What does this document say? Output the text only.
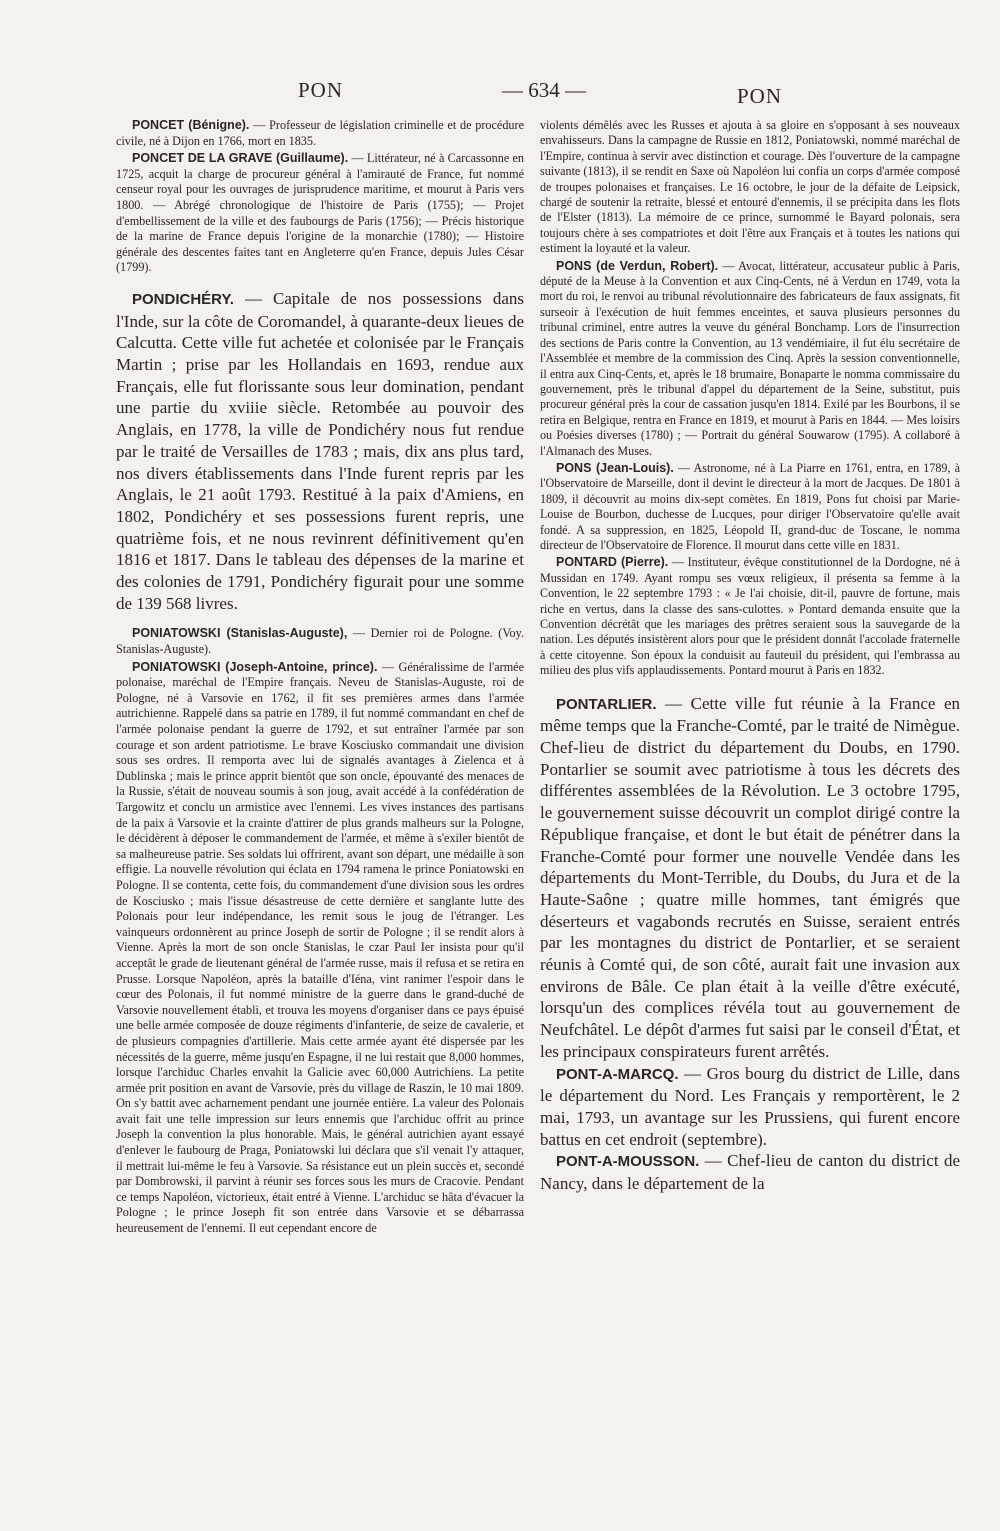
PON	— 634 —	PON

PONCET (Bénigne). — Professeur de législation criminelle et de procédure civile, né à Dijon en 1766, mort en 1835.

PONCET DE LA GRAVE (Guillaume). — Littérateur, né à Carcassonne en 1725, acquit la charge de procureur général à l'amirauté de France, fut nommé censeur royal pour les ouvrages de jurisprudence maritime, et mourut à Paris vers 1800. — Abrégé chronologique de l'histoire de Paris (1755); — Projet d'embellissement de la ville et des faubourgs de Paris (1756); — Précis historique de la marine de France depuis l'origine de la monarchie (1780); — Histoire générale des descentes faites tant en Angleterre qu'en France, depuis Jules César (1799).

PONDICHÉRY. — Capitale de nos possessions dans l'Inde, sur la côte de Coromandel, à quarante-deux lieues de Calcutta. Cette ville fut achetée et colonisée par le Français Martin ; prise par les Hollandais en 1693, rendue aux Français, elle fut florissante sous leur domination, pendant une partie du xviiie siècle. Retombée au pouvoir des Anglais, en 1778, la ville de Pondichéry nous fut rendue par le traité de Versailles de 1783 ; mais, dix ans plus tard, nos divers établissements dans l'Inde furent repris par les Anglais, le 21 août 1793. Restitué à la paix d'Amiens, en 1802, Pondichéry et ses possessions furent repris, une quatrième fois, et ne nous revinrent définitivement qu'en 1816 et 1817. Dans le tableau des dépenses de la marine et des colonies de 1791, Pondichéry figurait pour une somme de 139 568 livres.

PONIATOWSKI (Stanislas-Auguste), — Dernier roi de Pologne. (Voy. Stanislas-Auguste).

PONIATOWSKI (Joseph-Antoine, prince). — Généralissime de l'armée polonaise, maréchal de l'Empire français. Neveu de Stanislas-Auguste, roi de Pologne, né à Varsovie en 1762, il fit ses premières armes dans l'armée autrichienne. Rappelé dans sa patrie en 1789, il fut nommé commandant en chef de l'armée polonaise pendant la guerre de 1792, et sut entraîner l'armée par son courage et son ardent patriotisme. Le brave Kosciusko commandait une division sous ses ordres. Il remporta avec lui de signalés avantages à Zielenca et à Dublinska ; mais le prince apprit bientôt que son oncle, épouvanté des menaces de la Russie, s'était de nouveau soumis à son joug, avait accédé à la confédération de Targowitz et conclu un armistice avec l'ennemi. Les vives instances des partisans de la paix à Varsovie et la crainte d'attirer de plus grands malheurs sur la Pologne, le décidèrent à déposer le commandement de l'armée, et même à s'exiler bientôt de sa malheureuse patrie. Ses soldats lui offrirent, avant son départ, une médaille à son effigie. La nouvelle révolution qui éclata en 1794 ramena le prince Poniatowski en Pologne. Il se contenta, cette fois, du commandement d'une division sous les ordres de Kosciusko ; mais l'issue désastreuse de cette dernière et sanglante lutte des Polonais pour leur indépendance, les remit sous le joug de l'étranger. Les vainqueurs ordonnèrent au prince Joseph de sortir de Pologne ; il se rendit alors à Vienne. Après la mort de son oncle Stanislas, le czar Paul Ier insista pour qu'il acceptât le grade de lieutenant général de l'armée russe, mais il refusa et se retira en Prusse. Lorsque Napoléon, après la bataille d'Iéna, vint ranimer l'espoir dans le cœur des Polonais, il fut nommé ministre de la guerre dans le grand-duché de Varsovie nouvellement établi, et trouva les moyens d'organiser dans ce pays épuisé une belle armée composée de douze régiments d'infanterie, de seize de cavalerie, et de plusieurs compagnies d'artillerie. Mais cette armée ayant été dispersée par les nécessités de la guerre, même jusqu'en Espagne, il ne lui restait que 8,000 hommes, lorsque l'archiduc Charles envahit la Galicie avec 60,000 Autrichiens. La petite armée prit position en avant de Varsovie, près du village de Raszin, le 10 mai 1809. On s'y battit avec acharnement pendant une journée entière. La valeur des Polonais avait fait une telle impression sur leurs ennemis que l'archiduc offrit au prince Joseph la convention la plus honorable. Mais, le général autrichien ayant essayé d'enlever le faubourg de Praga, Poniatowski lui déclara que s'il venait l'y attaquer, il mettrait lui-même le feu à Varsovie. Sa résistance eut un plein succès et, secondé par Dombrowski, il parvint à réunir ses forces sous les murs de Cracovie. Pendant ce temps Napoléon, victorieux, était entré à Vienne. L'archiduc se hâta d'évacuer la Pologne ; le prince Joseph fit son entrée dans Varsovie et se débarrassa heureusement de l'ennemi. Il eut cependant encore de

violents démêlés avec les Russes et ajouta à sa gloire en s'opposant à ses nouveaux envahisseurs. Dans la campagne de Russie en 1812, Poniatowski, nommé maréchal de l'Empire, continua à servir avec distinction et courage. Dès l'ouverture de la campagne suivante (1813), il se rendit en Saxe où Napoléon lui confia un corps d'armée composé de troupes polonaises et françaises. Le 16 octobre, le jour de la défaite de Leipsick, chargé de soutenir la retraite, blessé et entouré d'ennemis, il se précipita dans les flots de l'Elster (1813). La mémoire de ce prince, surnommé le Bayard polonais, sera toujours chère à ses compatriotes et doit l'être aux Français et à toutes les nations qui estiment la loyauté et la valeur.

PONS (de Verdun, Robert). — Avocat, littérateur, accusateur public à Paris, député de la Meuse à la Convention et aux Cinq-Cents, né à Verdun en 1749, vota la mort du roi, le renvoi au tribunal révolutionnaire des fabricateurs de faux assignats, fit surseoir à l'exécution de huit femmes enceintes, et sauva plusieurs personnes du tribunal criminel, entre autres la veuve du général Bonchamp. Lors de l'insurrection des sections de Paris contre la Convention, au 13 vendémiaire, il fut élu secrétaire de l'Assemblée et membre de la commission des Cinq. Après la session conventionnelle, il entra aux Cinq-Cents, et, après le 18 brumaire, Bonaparte le nomma commissaire du gouvernement, près le tribunal d'appel du département de la Seine, substitut, puis procureur général près la cour de cassation jusqu'en 1814. Exilé par les Bourbons, il se retira en Belgique, rentra en France en 1819, et mourut à Paris en 1844. — Mes loisirs ou Poésies diverses (1780) ; — Portrait du général Souwarow (1795). A collaboré à l'Almanach des Muses.

PONS (Jean-Louis). — Astronome, né à La Piarre en 1761, entra, en 1789, à l'Observatoire de Marseille, dont il devint le directeur à la mort de Jacques. De 1801 à 1809, il découvrit au moins dix-sept comètes. En 1819, Pons fut choisi par Marie-Louise de Bourbon, duchesse de Lucques, pour diriger l'Observatoire qu'elle avait fondé. A sa suppression, en 1825, Léopold II, grand-duc de Toscane, le nomma directeur de l'Observatoire de Florence. Il mourut dans cette ville en 1831.

PONTARD (Pierre). — Instituteur, évêque constitutionnel de la Dordogne, né à Mussidan en 1749. Ayant rompu ses vœux religieux, il présenta sa femme à la Convention, le 22 septembre 1793 : « Je l'ai choisie, dit-il, pauvre de fortune, mais riche en vertus, dans la classe des sans-culottes. » Pontard demanda ensuite que la Convention décrétât que les mariages des prêtres seraient sous la sauvegarde de la nation. Les députés insistèrent alors pour que le président donnât l'accolade fraternelle à cette citoyenne. Son époux la conduisit au fauteuil du président, qui l'embrassa au milieu des plus vifs applaudissements. Pontard mourut à Paris en 1832.

PONTARLIER. — Cette ville fut réunie à la France en même temps que la Franche-Comté, par le traité de Nimègue. Chef-lieu de district du département du Doubs, en 1790. Pontarlier se soumit avec patriotisme à tous les décrets des différentes assemblées de la Révolution. Le 3 octobre 1795, le gouvernement suisse découvrit un complot dirigé contre la République française, et dont le but était de pénétrer dans la Franche-Comté pour former une nouvelle Vendée dans les départements du Mont-Terrible, du Doubs, du Jura et de la Haute-Saône ; quatre mille hommes, tant émigrés que déserteurs et vagabonds recrutés en Suisse, seraient entrés par les montagnes du district de Pontarlier, et se seraient réunis à Comté qui, de son côté, aurait fait une invasion aux environs de Bâle. Ce plan était à la veille d'être exécuté, lorsqu'un des complices révéla tout au gouvernement de Neufchâtel. Le dépôt d'armes fut saisi par le conseil d'État, et les principaux conspirateurs furent arrêtés.

PONT-A-MARCQ. — Gros bourg du district de Lille, dans le département du Nord. Les Français y remportèrent, le 2 mai, 1793, un avantage sur les Prussiens, qui furent encore battus en cet endroit (septembre).

PONT-A-MOUSSON. — Chef-lieu de canton du district de Nancy, dans le département de la
